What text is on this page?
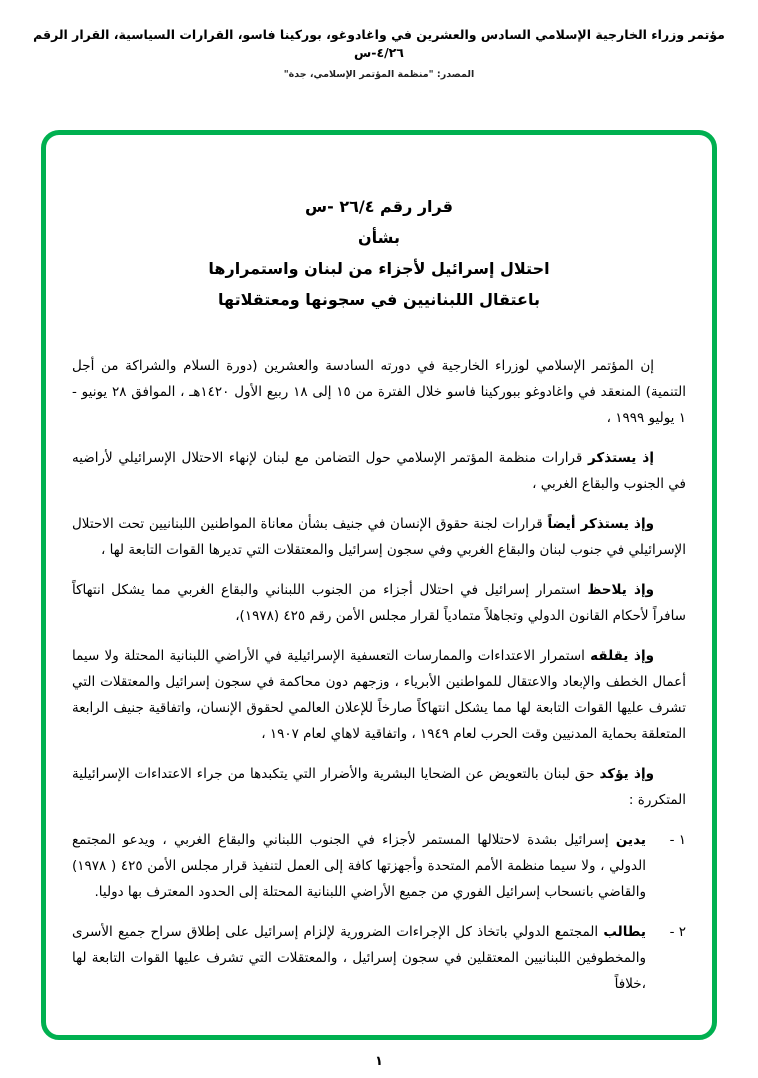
مؤتمر وزراء الخارجية الإسلامي السادس والعشرين في واغادوغو، بوركينا فاسو، القرارات السياسية، القرار الرقم ٤/٢٦-س
المصدر: "منظمة المؤتمر الإسلامي، جدة"
قرار رقم ٢٦/٤ -س
بشأن
احتلال إسرائيل لأجزاء من لبنان واستمرارها
باعتقال اللبنانيين في سجونها ومعتقلاتها

إن المؤتمر الإسلامي لوزراء الخارجية في دورته السادسة والعشرين (دورة السلام والشراكة من أجل التنمية) المنعقد في واغادوغو ببوركينا فاسو خلال الفترة من ١٥ إلى ١٨ ربيع الأول ١٤٢٠هـ ، الموافق ٢٨ يونيو - ١ يوليو ١٩٩٩ ،

إذ يستذكر قرارات منظمة المؤتمر الإسلامي حول التضامن مع لبنان لإنهاء الاحتلال الإسرائيلي لأراضيه في الجنوب والبقاع الغربي ،

وإذ يستذكر أيضاً قرارات لجنة حقوق الإنسان في جنيف بشأن معاناة المواطنين اللبنانيين تحت الاحتلال الإسرائيلي في جنوب لبنان والبقاع الغربي وفي سجون إسرائيل والمعتقلات التي تديرها القوات التابعة لها ،

وإذ يلاحظ استمرار إسرائيل في احتلال أجزاء من الجنوب اللبناني والبقاع الغربي مما يشكل انتهاكاً سافراً لأحكام القانون الدولي وتجاهلاً متمادياً لقرار مجلس الأمن رقم ٤٢٥ (١٩٧٨)،

وإذ يقلقه استمرار الاعتداءات والممارسات التعسفية الإسرائيلية في الأراضي اللبنانية المحتلة ولا سيما أعمال الخطف والإبعاد والاعتقال للمواطنين الأبرياء ، وزجهم دون محاكمة في سجون إسرائيل والمعتقلات التي تشرف عليها القوات التابعة لها مما يشكل انتهاكاً صارخاً للإعلان العالمي لحقوق الإنسان، واتفاقية جنيف الرابعة المتعلقة بحماية المدنيين وقت الحرب لعام ١٩٤٩ ، واتفاقية لاهاي لعام ١٩٠٧ ،

وإذ يؤكد حق لبنان بالتعويض عن الضحايا البشرية والأضرار التي يتكبدها من جراء الاعتداءات الإسرائيلية المتكررة :

١ -

يدين إسرائيل بشدة لاحتلالها المستمر لأجزاء في الجنوب اللبناني والبقاع الغربي ، ويدعو المجتمع الدولي ، ولا سيما منظمة الأمم المتحدة وأجهزتها كافة إلى العمل لتنفيذ قرار مجلس الأمن ٤٢٥ ( ١٩٧٨) والقاضي بانسحاب إسرائيل الفوري من جميع الأراضي اللبنانية المحتلة إلى الحدود المعترف بها دوليا.

٢ -

يطالب المجتمع الدولي باتخاذ كل الإجراءات الضرورية لإلزام إسرائيل على إطلاق سراح جميع الأسرى والمخطوفين اللبنانيين المعتقلين في سجون إسرائيل ، والمعتقلات التي تشرف عليها القوات التابعة لها ،خلافاً

١
